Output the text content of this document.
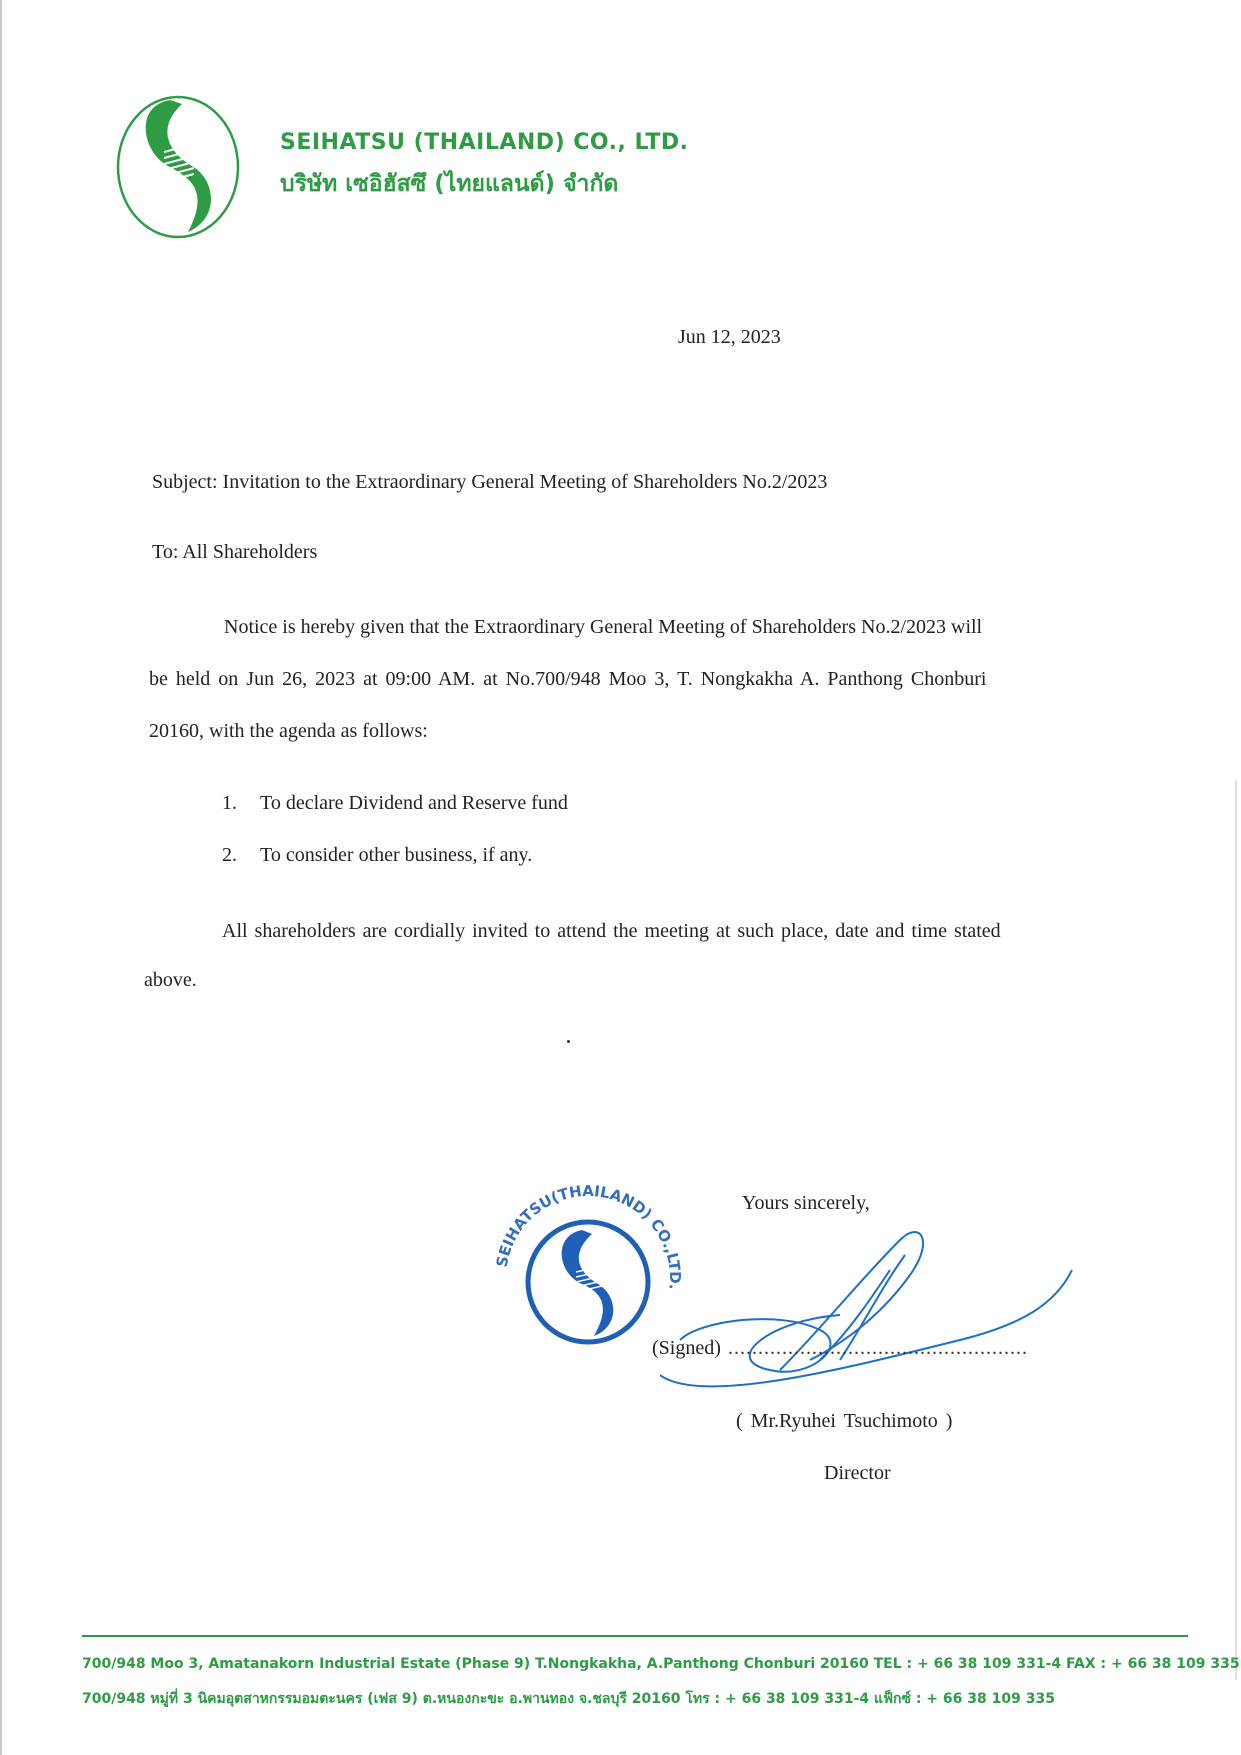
SEIHATSU (THAILAND) CO., LTD.
บริษัท เซอิฮัสซึ (ไทยแลนด์) จำกัด
Jun 12, 2023
Subject: Invitation to the Extraordinary General Meeting of Shareholders No.2/2023
To: All Shareholders
Notice is hereby given that the Extraordinary General Meeting of Shareholders No.2/2023 will
be held on Jun 26, 2023 at 09:00 AM. at No.700/948 Moo 3, T. Nongkakha A. Panthong Chonburi
20160, with the agenda as follows:
1. To declare Dividend and Reserve fund
2. To consider other business, if any.
All shareholders are cordially invited to attend the meeting at such place, date and time stated
above.
Yours sincerely,
SEIHATSU(THAILAND) CO.,LTD.
(Signed) ..................................................
( Mr.Ryuhei Tsuchimoto )
Director
700/948 Moo 3, Amatanakorn Industrial Estate (Phase 9) T.Nongkakha, A.Panthong Chonburi 20160 TEL : + 66 38 109 331-4 FAX : + 66 38 109 335
700/948 หมู่ที่ 3 นิคมอุตสาหกรรมอมตะนคร (เฟส 9) ต.หนองกะขะ อ.พานทอง จ.ชลบุรี 20160 โทร : + 66 38 109 331-4 แฟ็กซ์ : + 66 38 109 335
